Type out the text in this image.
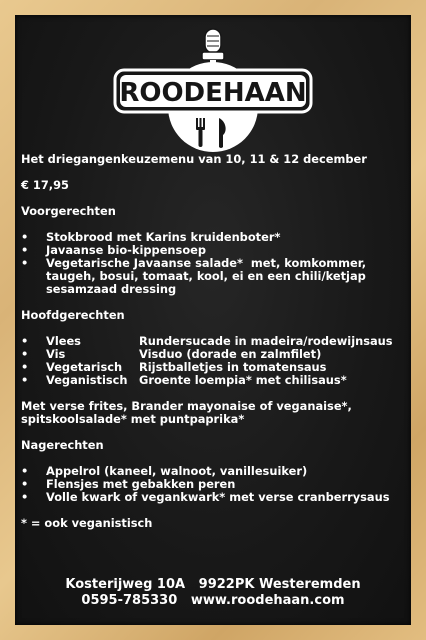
ROODEHAAN
Het driegangenkeuzemenu van 10, 11 & 12 december
€ 17,95
Voorgerechten
•	Stokbrood met Karins kruidenboter*
•	Javaanse bio-kippensoep
•	Vegetarische Javaanse salade*  met, komkommer,
taugeh, bosui, tomaat, kool, ei en een chili/ketjap
sesamzaad dressing
Hoofdgerechten
•	Vlees	Rundersucade in madeira/rodewijnsaus
•	Vis	Visduo (dorade en zalmfilet)
•	Vegetarisch	Rijstballetjes in tomatensaus
•	Veganistisch	Groente loempia* met chilisaus*
Met verse frites, Brander mayonaise of veganaise*,
spitskoolsalade* met puntpaprika*
Nagerechten
•	Appelrol (kaneel, walnoot, vanillesuiker)
•	Flensjes met gebakken peren
•	Volle kwark of vegankwark* met verse cranberrysaus
* = ook veganistisch
Kosterijweg 10A   9922PK Westeremden
0595-785330   www.roodehaan.com
